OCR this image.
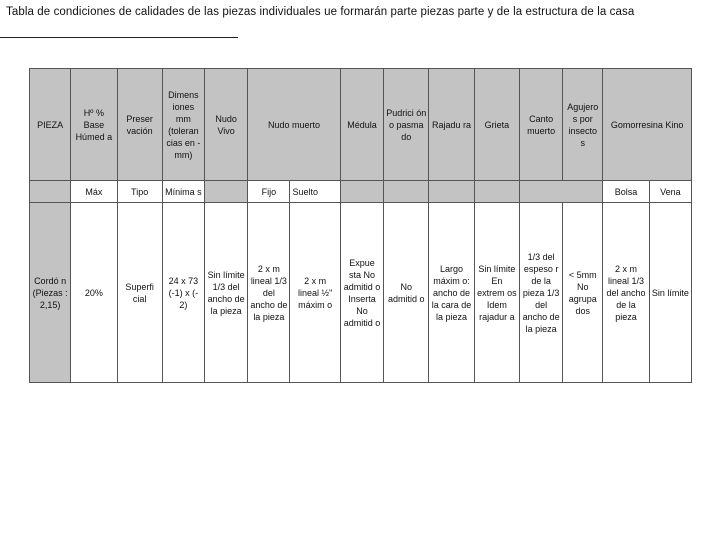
Tabla de condiciones de calidades de las piezas individuales ue formarán parte piezas parte y de la estructura de la casa
PIEZA	Hº % Base Húmed a	Preser vación	Dimens iones mm (toleran cias en - mm)	Nudo Vivo	Nudo muerto		Médula	Pudrici ón o pasma do	Rajadu ra	Grieta	Canto muerto	Agujero s por insecto s	Gomorresina Kino	
	Máx	Tipo	Mínima s		Fijo	Suelto							Bolsa	Vena
Cordó n (Piezas : 2,15)	20%	Superfi cial	24 x 73 (-1) x (- 2)	Sin límite 1/3 del ancho de la pieza	2 x m lineal 1/3 del ancho de la pieza	2 x m lineal ½" máxim o	Expue sta No admitid o Inserta No admitid o	No admitid o	Largo máxim o: ancho de la cara de la pieza	Sin límite En extrem os Idem rajadur a	1/3 del espeso r de la pieza 1/3 del ancho de la pieza	< 5mm No agrupa dos	2 x m lineal 1/3 del ancho de la pieza	Sin límite
